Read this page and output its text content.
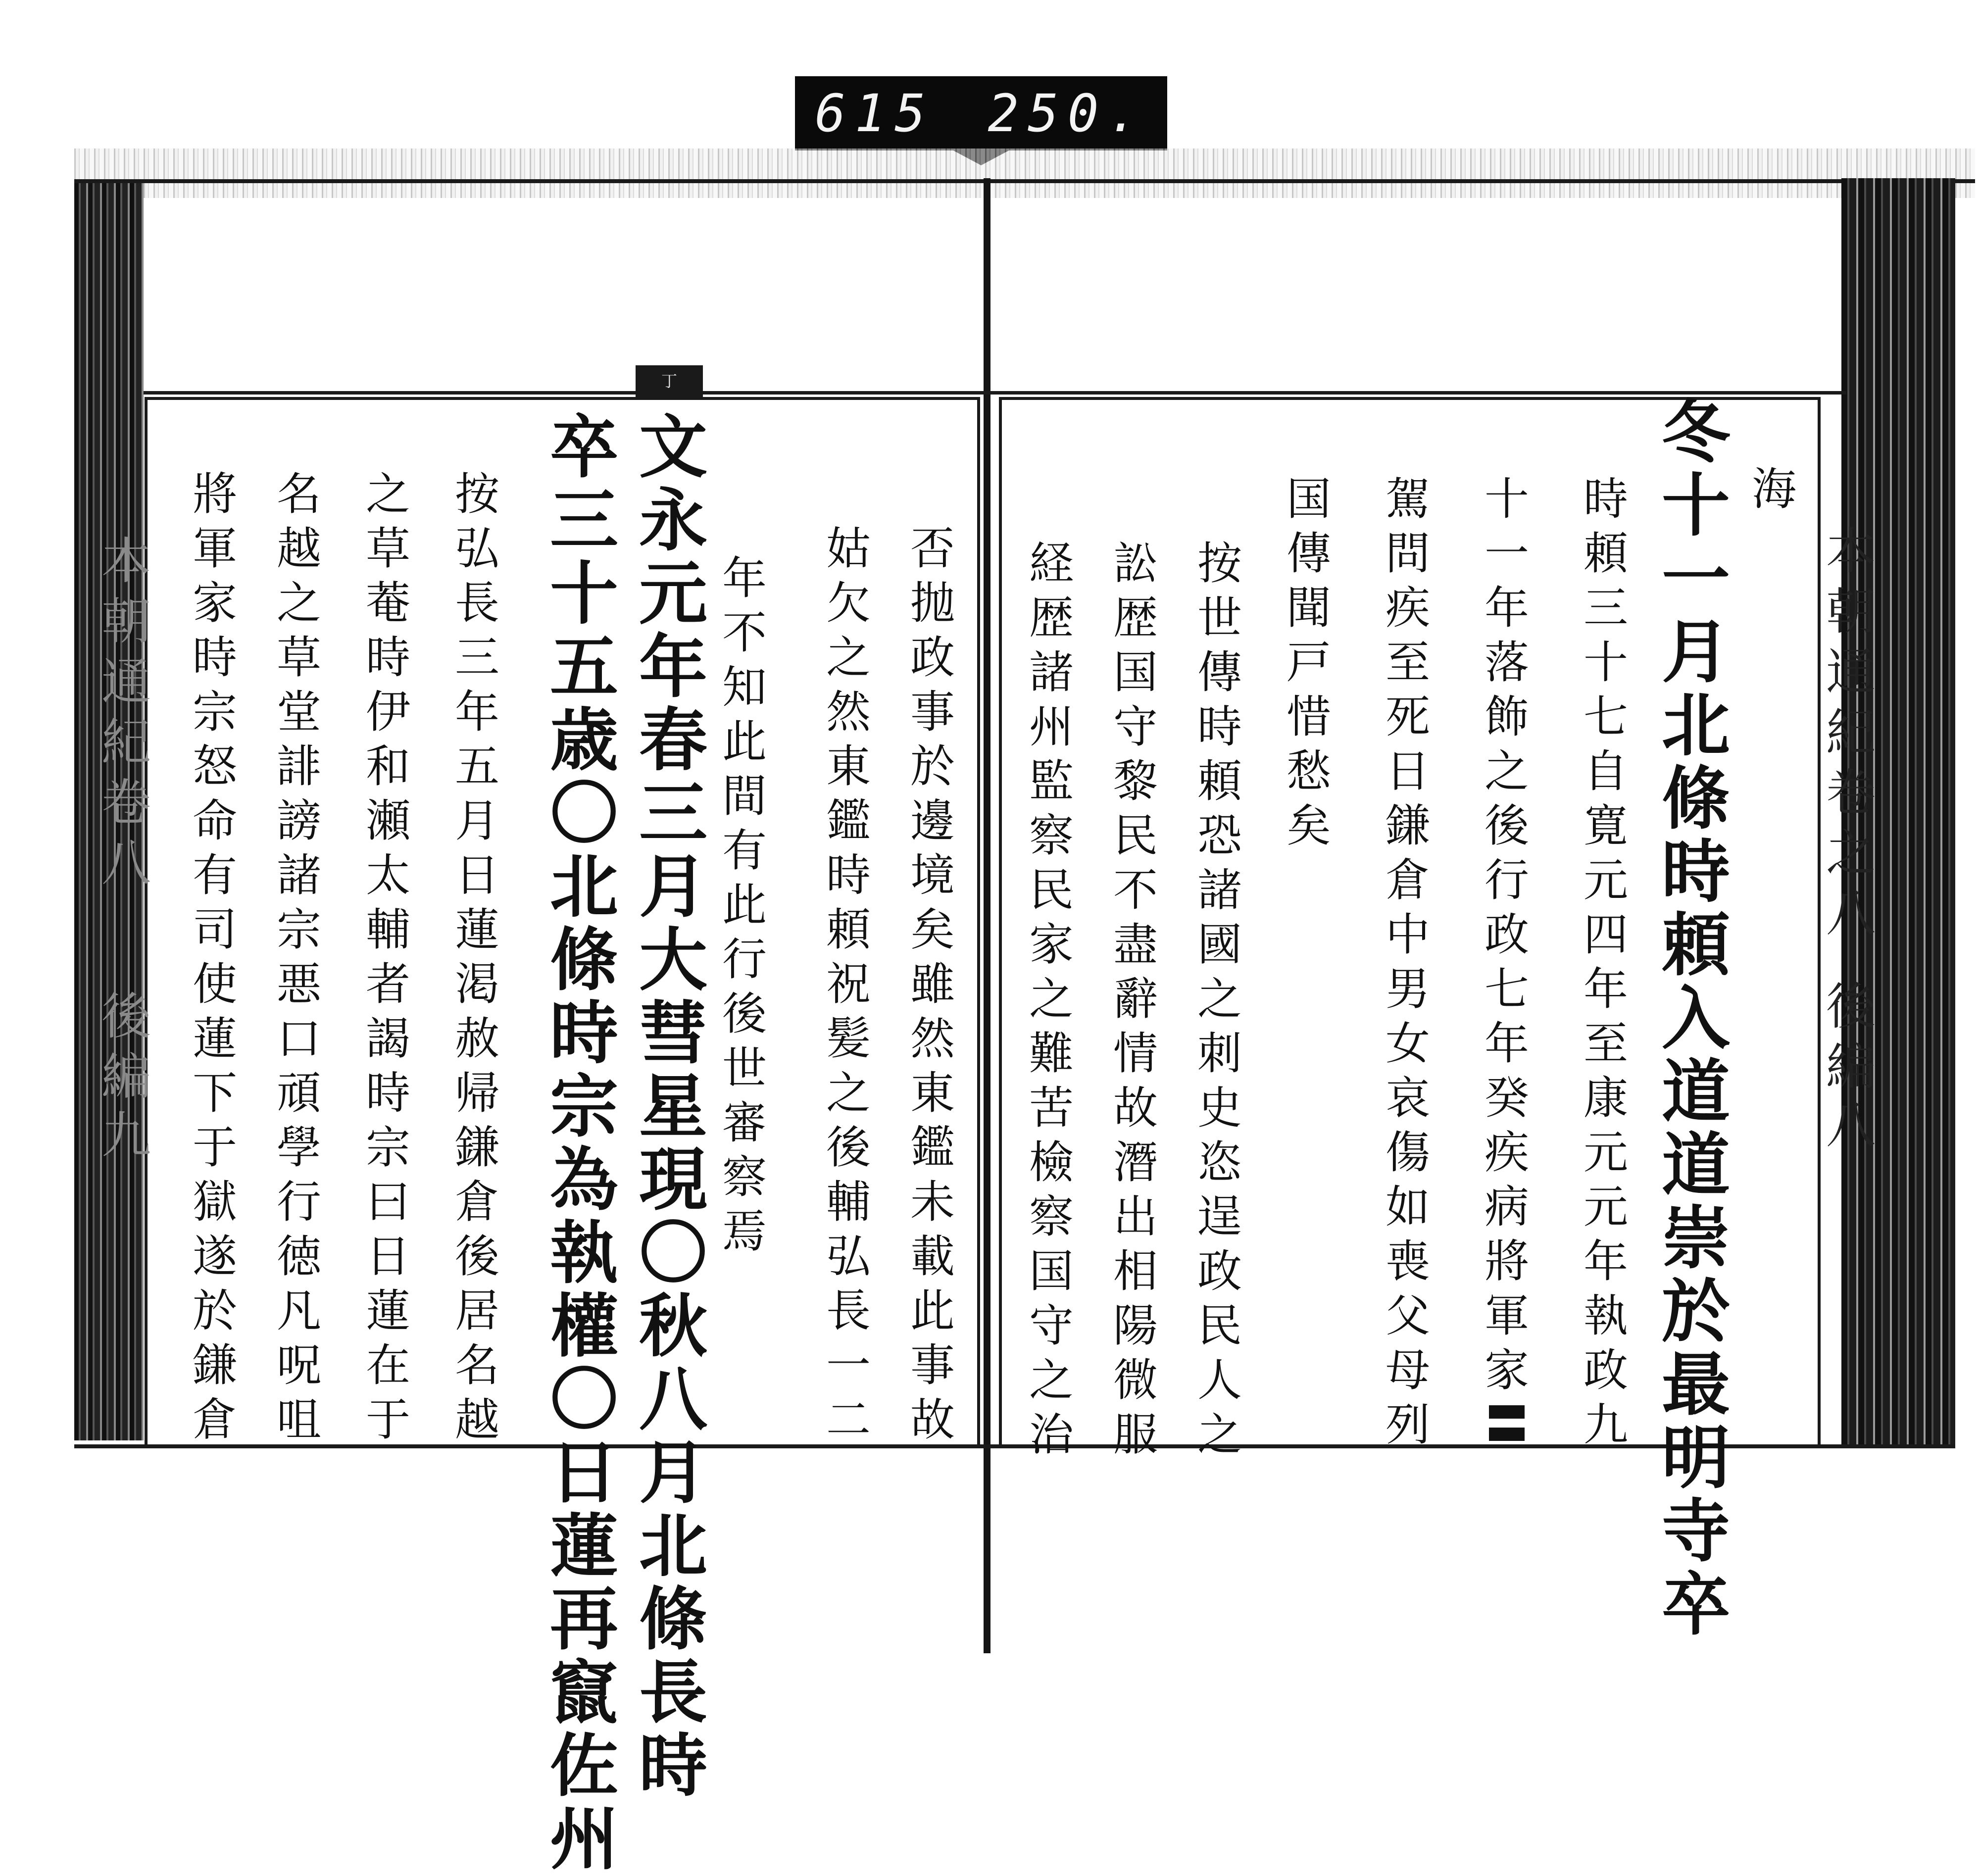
615 250.
丁
本朝通紀卷之八
後編
八
本朝通紀卷八
後編
九
海
冬十一月北條時頼入道道崇於最明寺卒
時頼三十七自寛元四年至康元元年執政九
十一年落飾之後行政七年癸疾病將軍家〓
駕問疾至死日鎌倉中男女哀傷如喪父母列
国傳聞戸惜愁矣
按世傳時頼恐諸國之刺史恣逞政民人之
訟歴国守黎民不盡辭情故潛出相陽微服
経歴諸州監察民家之難苦檢察国守之治
否抛政事於邊境矣雖然東鑑未載此事故
姑欠之然東鑑時頼祝髪之後輔弘長一二
年不知此間有此行後世審察焉
文永元年春三月大彗星現〇秋八月北條長時
卒三十五歳〇北條時宗為執權〇日蓮再竄佐州
按弘長三年五月日蓮渇赦帰鎌倉後居名越
之草菴時伊和瀬太輔者謁時宗曰日蓮在于
名越之草堂誹謗諸宗悪口頑學行徳凡呪咀
將軍家時宗怒命有司使蓮下于獄遂於鎌倉
